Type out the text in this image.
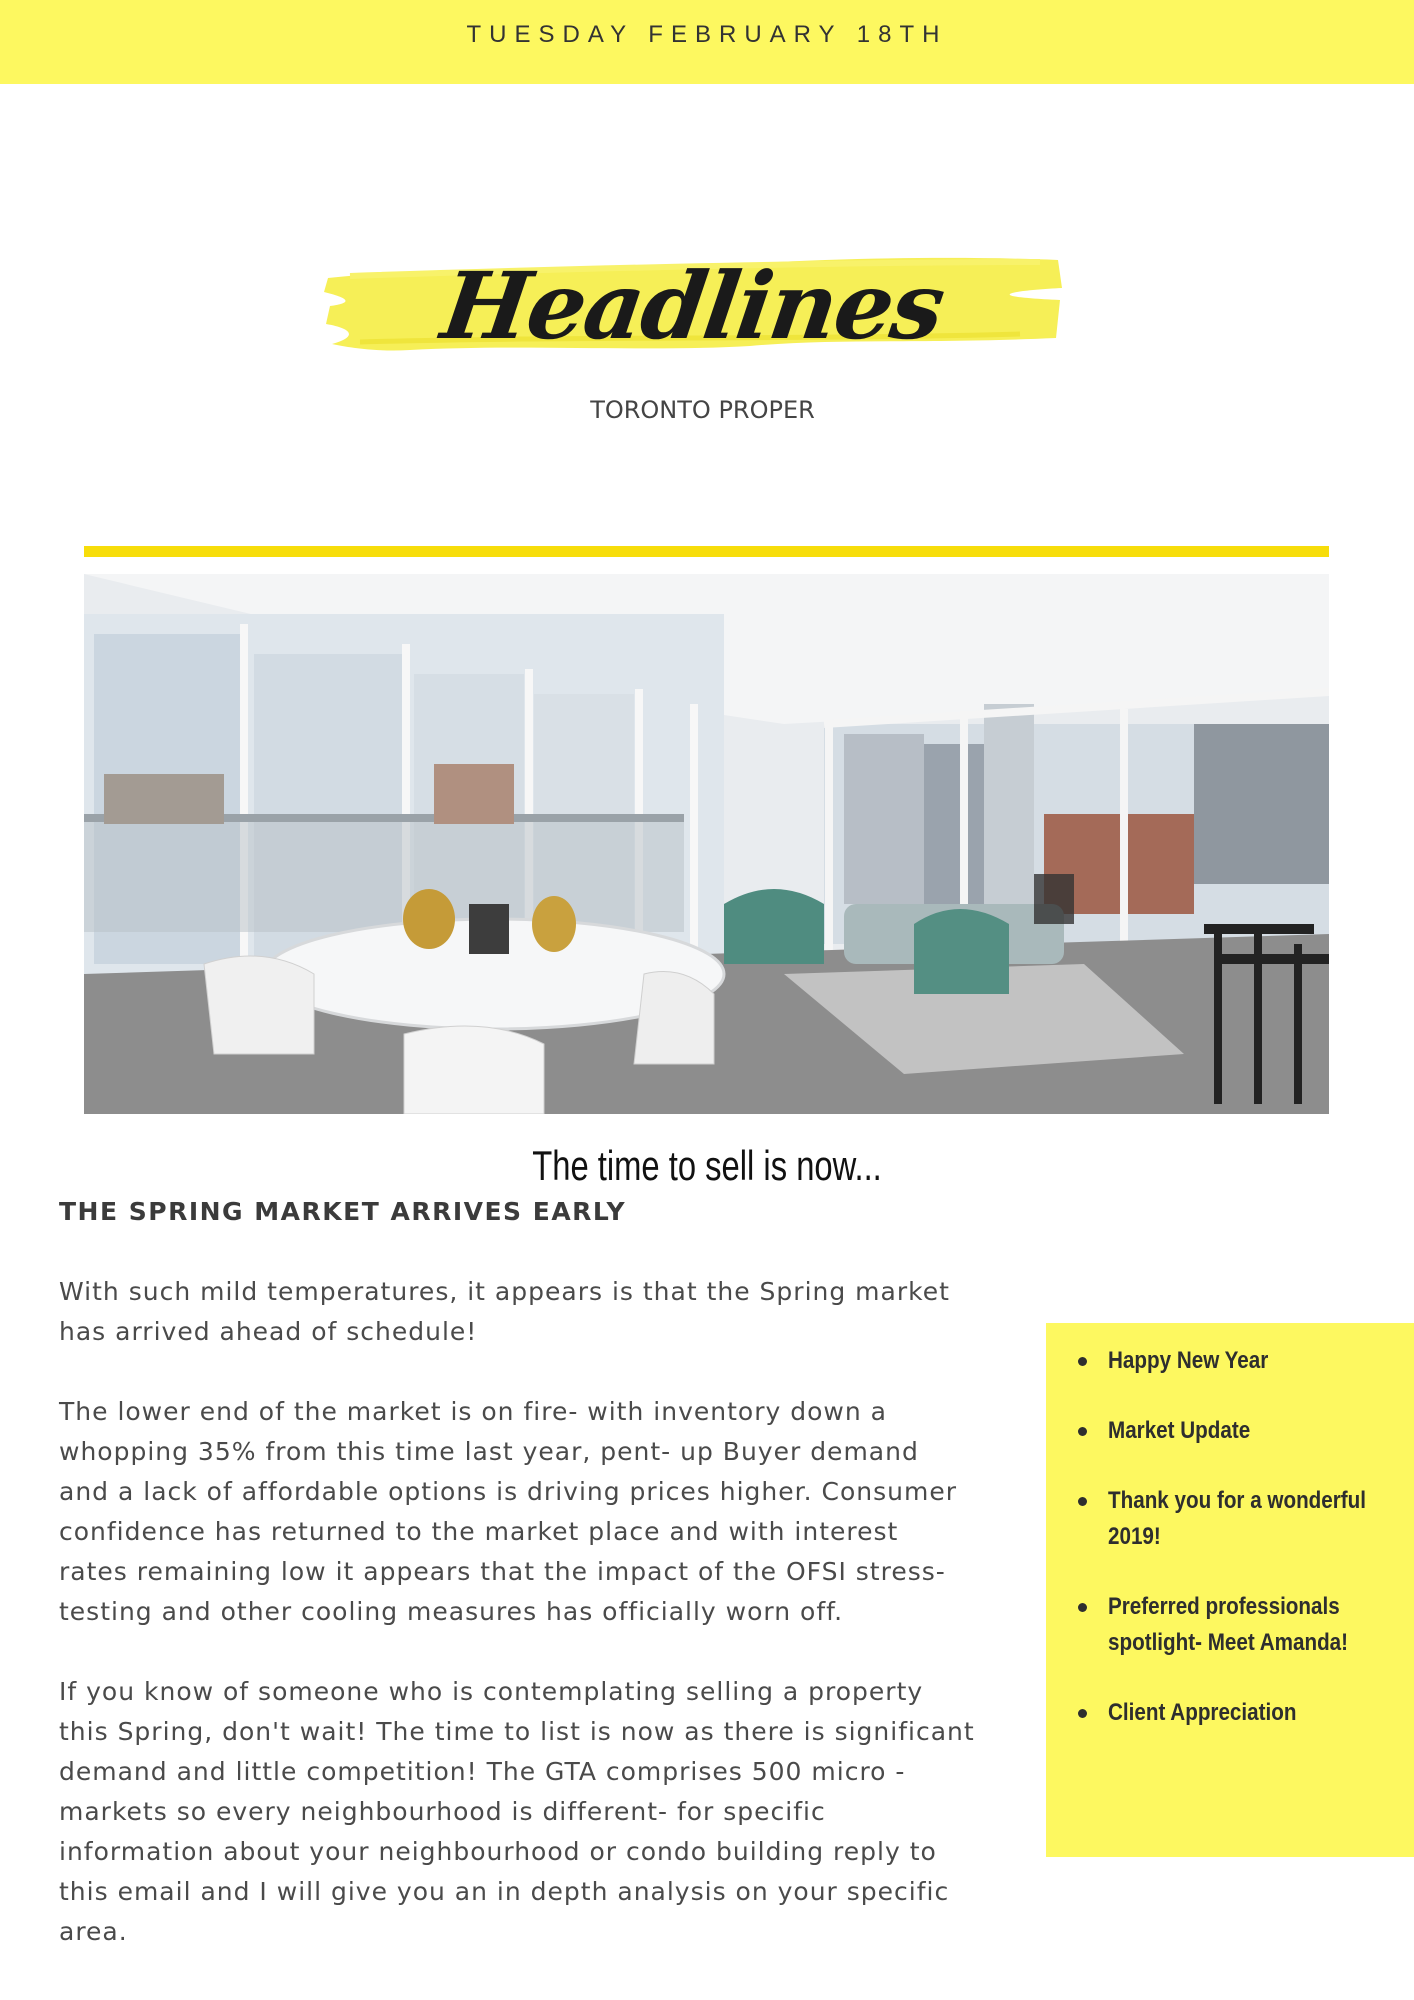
TUESDAY FEBRUARY 18TH
Headlines
TORONTO PROPER
The time to sell is now...
THE SPRING MARKET ARRIVES EARLY

With such mild temperatures, it appears is that the Spring market
has arrived ahead of schedule!

The lower end of the market is on fire- with inventory down a
whopping 35% from this time last year, pent- up Buyer demand
and a lack of affordable options is driving prices higher. Consumer
confidence has returned to the market place and with interest
rates remaining low it appears that the impact of the OFSI stress-
testing and other cooling measures has officially worn off.

If you know of someone who is contemplating selling a property
this Spring, don't wait! The time to list is now as there is significant
demand and little competition! The GTA comprises 500 micro -
markets so every neighbourhood is different- for specific
information about your neighbourhood or condo building reply to
this email and I will give you an in depth analysis on your specific
area.

Happy New Year
Market Update
Thank you for a wonderful 2019!
Preferred professionals spotlight- Meet Amanda!
Client Appreciation
